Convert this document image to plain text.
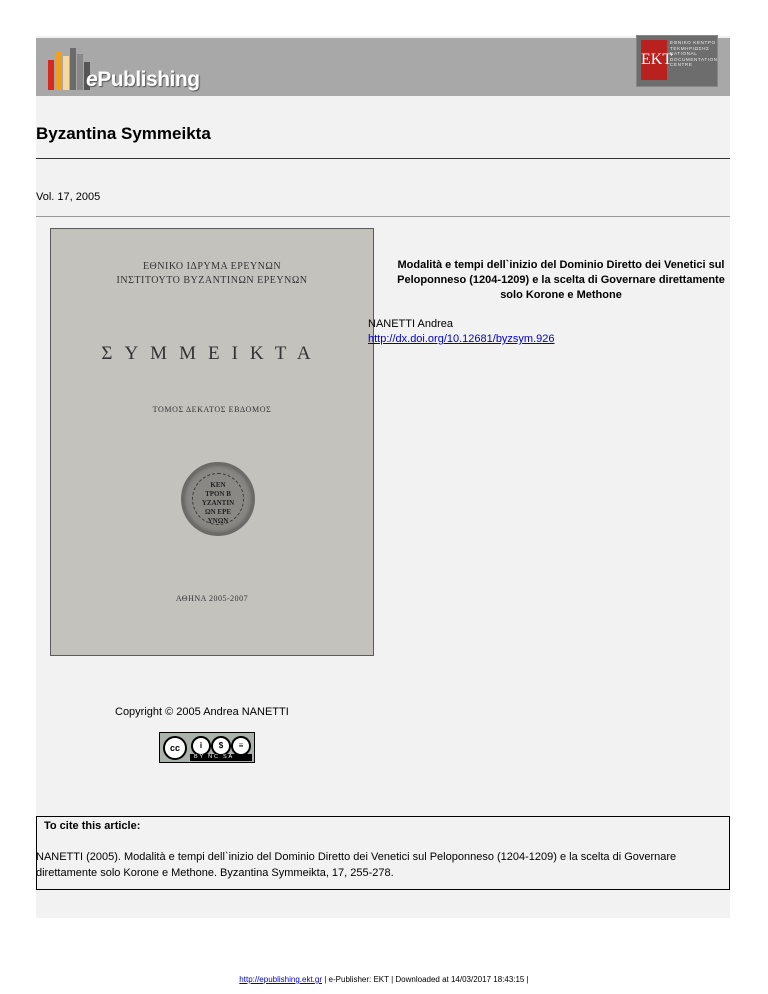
ePublishing
EKT
ΕΘΝΙΚΟ ΚΕΝΤΡΟ
ΤΕΚΜΗΡΙΩΣΗΣ
NATIONAL
DOCUMENTATION
CENTRE
Byzantina Symmeikta
Vol. 17, 2005
ΕΘΝΙΚΟ ΙΔΡΥΜΑ ΕΡΕΥΝΩΝ
ΙΝΣΤΙΤΟΥΤΟ ΒΥΖΑΝΤΙΝΩΝ ΕΡΕΥΝΩΝ
ΣΥΜΜΕΙΚΤΑ
ΤΟΜΟΣ ΔΕΚΑΤΟΣ ΕΒΔΟΜΟΣ
ΚΕΝ
ΤΡΟΝ Β
ΥΖΑΝΤΙΝ
ΩΝ ΕΡΕ
ΥΝΩΝ
ΑΘΗΝΑ 2005-2007
Modalità e tempi dell`inizio del Dominio Diretto dei Venetici sul Peloponneso (1204-1209) e la scelta di Governare direttamente solo Korone e Methone
NANETTI Andrea
http://dx.doi.org/10.12681/byzsym.926
Copyright © 2005 Andrea NANETTI
cc	i	$	≡
BY NC SA
To cite this article:
NANETTI (2005). Modalità e tempi dell`inizio del Dominio Diretto dei Venetici sul Peloponneso (1204-1209) e la scelta di Governare direttamente solo Korone e Methone. Byzantina Symmeikta, 17, 255-278.
http://epublishing.ekt.gr | e-Publisher: EKT | Downloaded at 14/03/2017 18:43:15 |
